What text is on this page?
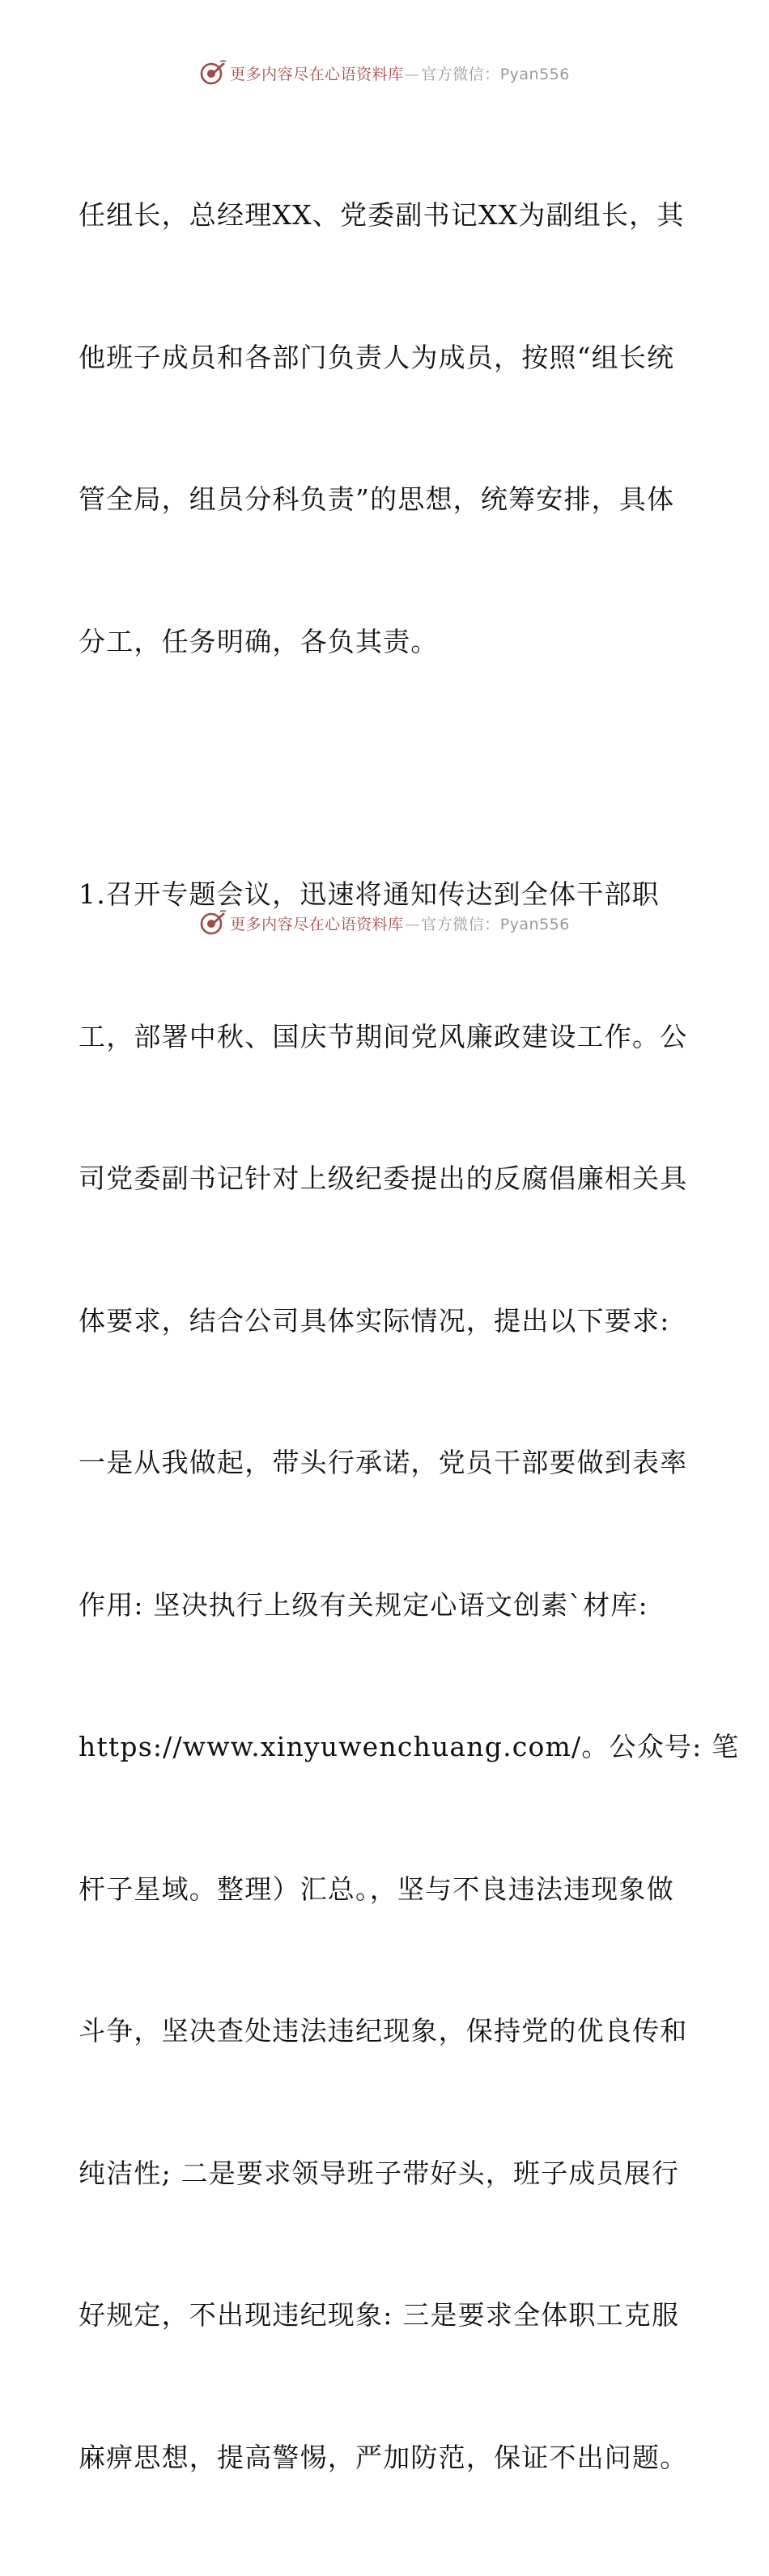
更多内容尽在心语资料库—官方微信：Pyan556

任组长，总经理XX、党委副书记XX为副组长，其

他班子成员和各部门负责人为成员，按照“组长统

管全局，组员分科负责”的思想，统筹安排，具体

分工，任务明确，各负其责。

1.召开专题会议，迅速将通知传达到全体干部职

工，部署中秋、国庆节期间党风廉政建设工作。公

司党委副书记针对上级纪委提出的反腐倡廉相关具

体要求，结合公司具体实际情况，提出以下要求:

一是从我做起，带头行承诺，党员干部要做到表率

作用: 坚决执行上级有关规定心语文创素`材库:

https://www.xinyuwenchuang.com/。公众号: 笔

杆子星域。整理）汇总。，坚与不良违法违现象做

斗争，坚决查处违法违纪现象，保持党的优良传和

纯洁性; 二是要求领导班子带好头，班子成员展行

好规定，不出现违纪现象: 三是要求全体职工克服

麻痹思想，提高警惕，严加防范，保证不出问题。

更多内容尽在心语资料库—官方微信：Pyan556
